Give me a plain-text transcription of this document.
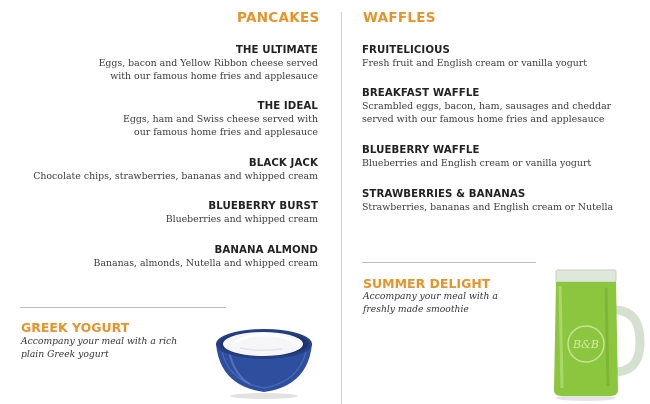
PANCAKES
THE ULTIMATE
Eggs, bacon and Yellow Ribbon cheese served
with our famous home fries and applesauce
THE IDEAL
Eggs, ham and Swiss cheese served with
our famous home fries and applesauce
BLACK JACK
Chocolate chips, strawberries, bananas and whipped cream
BLUEBERRY BURST
Blueberries and whipped cream
BANANA ALMOND
Bananas, almonds, Nutella and whipped cream
GREEK YOGURT
Accompany your meal with a rich
plain Greek yogurt
WAFFLES
FRUITELICIOUS
Fresh fruit and English cream or vanilla yogurt
BREAKFAST WAFFLE
Scrambled eggs, bacon, ham, sausages and cheddar
served with our famous home fries and applesauce
BLUEBERRY WAFFLE
Blueberries and English cream or vanilla yogurt
STRAWBERRIES & BANANAS
Strawberries, bananas and English cream or Nutella
SUMMER DELIGHT
Accompany your meal with a
freshly made smoothie
B&B
